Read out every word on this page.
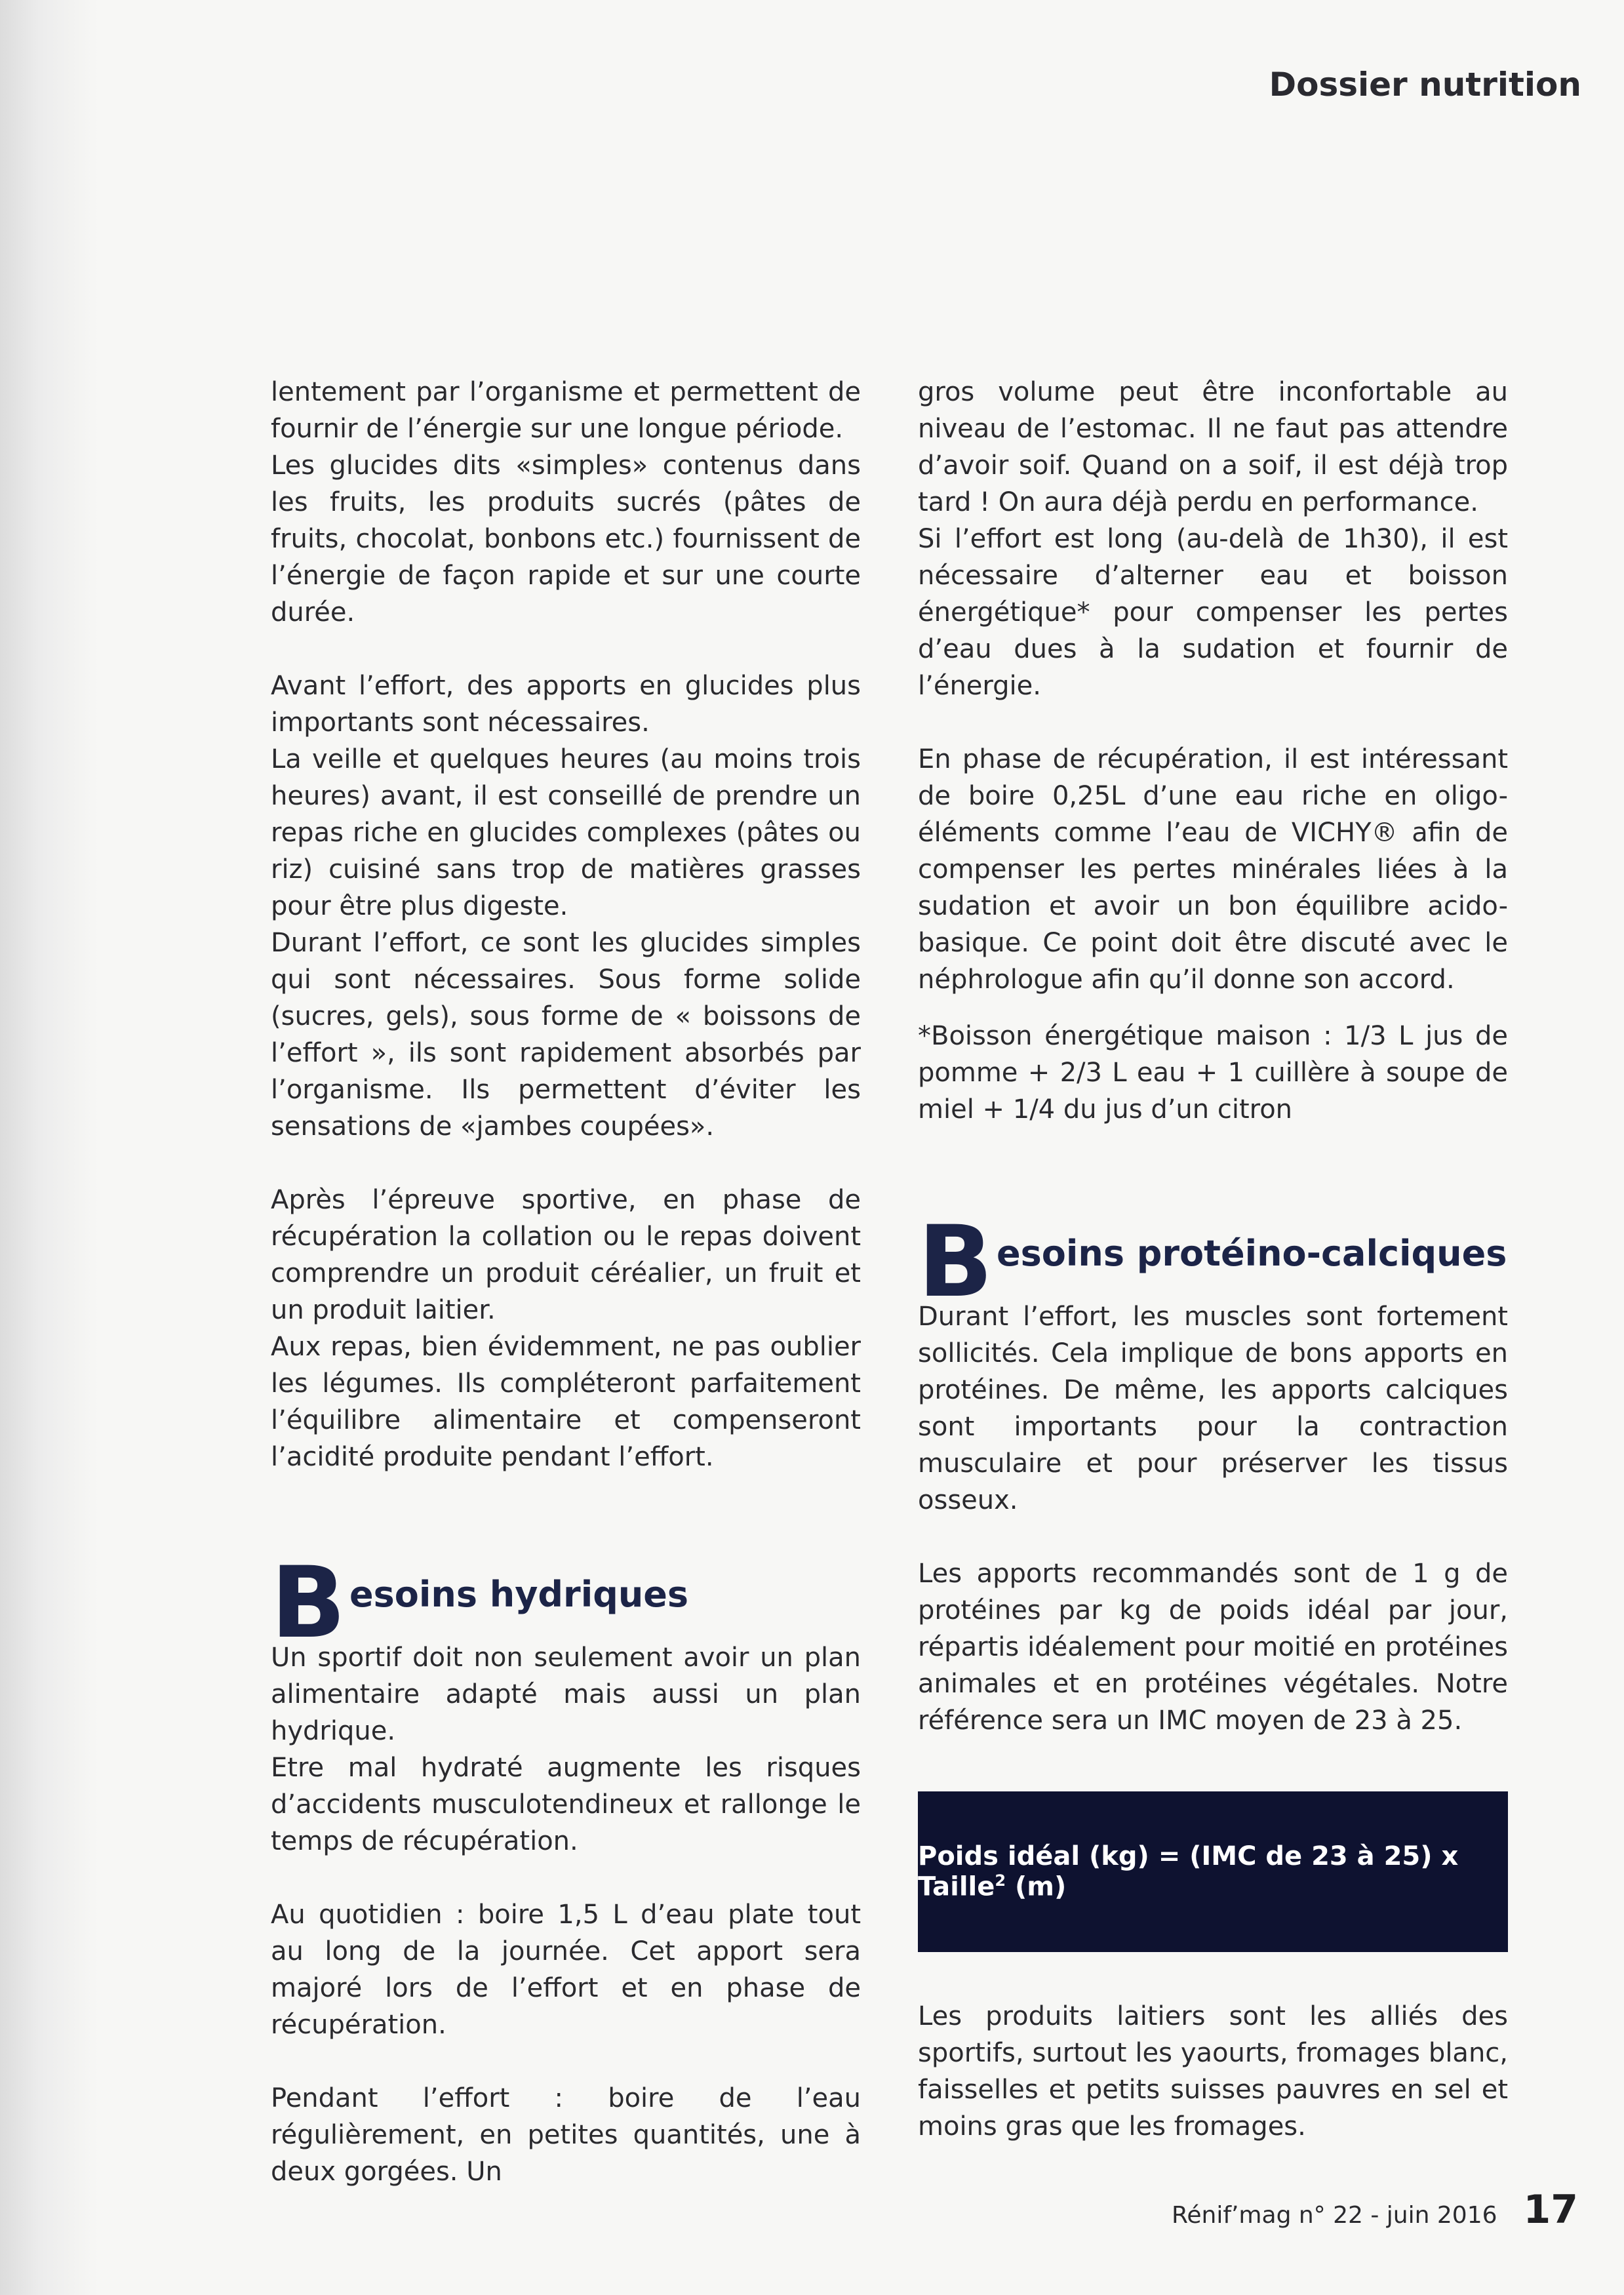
Dossier nutrition

lentement par l’organisme et permettent de fournir de l’énergie sur une longue période.

Les glucides dits «simples» contenus dans les fruits, les produits sucrés (pâtes de fruits, chocolat, bonbons etc.) fournissent de l’énergie de façon rapide et sur une courte durée.

Avant l’effort, des apports en glucides plus importants sont nécessaires.

La veille et quelques heures (au moins trois heures) avant, il est conseillé de prendre un repas riche en glucides complexes (pâtes ou riz) cuisiné sans trop de matières grasses pour être plus digeste.

Durant l’effort, ce sont les glucides simples qui sont nécessaires. Sous forme solide (sucres, gels), sous forme de « boissons de l’effort », ils sont rapidement absorbés par l’organisme. Ils permettent d’éviter les sensations de «jambes coupées».

Après l’épreuve sportive, en phase de récupération la collation ou le repas doivent comprendre un produit céréalier, un fruit et un produit laitier.

Aux repas, bien évidemment, ne pas oublier les légumes. Ils compléteront parfaitement l’équilibre alimentaire et compenseront l’acidité produite pendant l’effort.

B esoins hydriques

Un sportif doit non seulement avoir un plan alimentaire adapté mais aussi un plan hydrique.

Etre mal hydraté augmente les risques d’accidents musculotendineux et rallonge le temps de récupération.

Au quotidien : boire 1,5 L d’eau plate tout au long de la journée. Cet apport sera majoré lors de l’effort et en phase de récupération.

Pendant l’effort : boire de l’eau régulièrement, en petites quantités, une à deux gorgées. Un

gros volume peut être inconfortable au niveau de l’estomac. Il ne faut pas attendre d’avoir soif. Quand on a soif, il est déjà trop tard ! On aura déjà perdu en performance.

Si l’effort est long (au-delà de 1h30), il est nécessaire d’alterner eau et boisson énergétique* pour compenser les pertes d’eau dues à la sudation et fournir de l’énergie.

En phase de récupération, il est intéressant de boire 0,25L d’une eau riche en oligo-éléments comme l’eau de VICHY® afin de compenser les pertes minérales liées à la sudation et avoir un bon équilibre acido-basique. Ce point doit être discuté avec le néphrologue afin qu’il donne son accord.

*Boisson énergétique maison : 1/3 L jus de pomme + 2/3 L eau + 1 cuillère à soupe de miel + 1/4 du jus d’un citron

B esoins protéino-calciques

Durant l’effort, les muscles sont fortement sollicités. Cela implique de bons apports en protéines. De même, les apports calciques sont importants pour la contraction musculaire et pour préserver les tissus osseux.

Les apports recommandés sont de 1 g de protéines par kg de poids idéal par jour, répartis idéalement pour moitié en protéines animales et en protéines végétales. Notre référence sera un IMC moyen de 23 à 25.

Poids idéal (kg) = (IMC de 23 à 25) x Taille$^2$ (m)

Les produits laitiers sont les alliés des sportifs, surtout les yaourts, fromages blanc, faisselles et petits suisses pauvres en sel et moins gras que les fromages.

Rénif’mag n° 22 - juin 2016 17
